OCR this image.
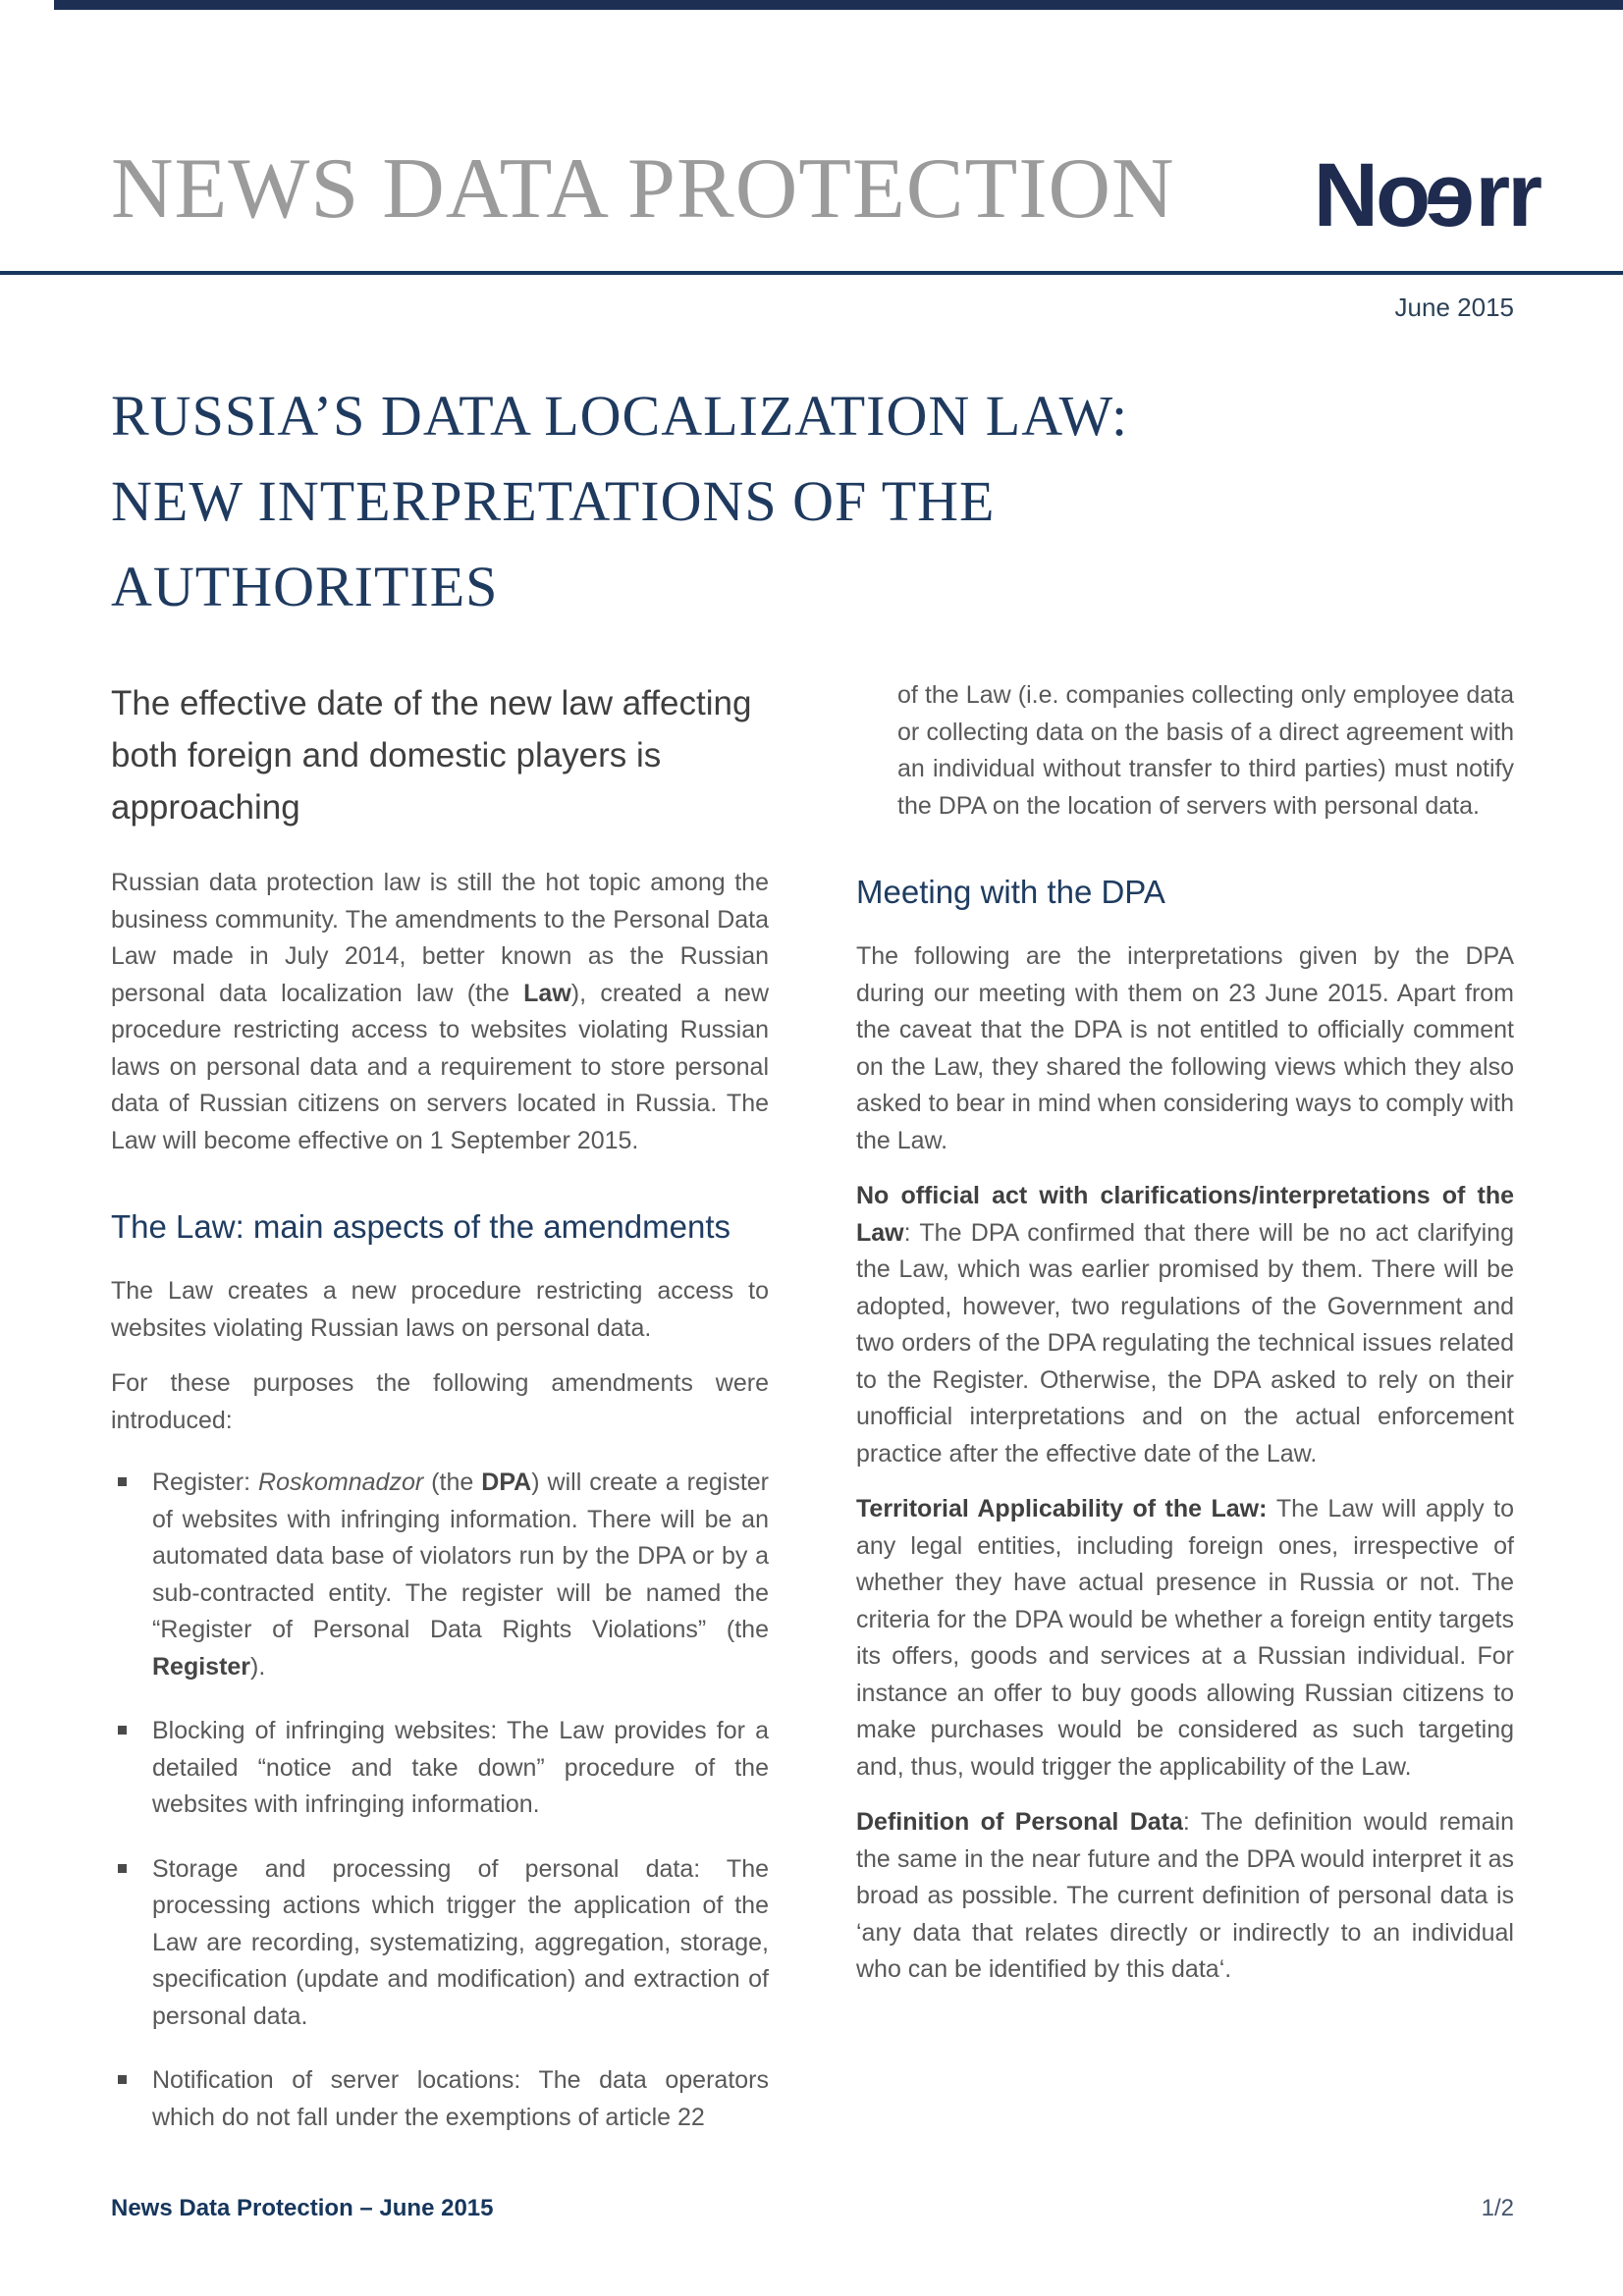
NEWS DATA PROTECTION Noerr
June 2015
RUSSIA’S DATA LOCALIZATION LAW:
NEW INTERPRETATIONS OF THE
AUTHORITIES
The effective date of the new law affecting both foreign and domestic players is approaching

Russian data protection law is still the hot topic among the business community. The amendments to the Personal Data Law made in July 2014, better known as the Russian personal data localization law (the Law), created a new procedure restricting access to websites violating Russian laws on personal data and a requirement to store personal data of Russian citizens on servers located in Russia. The Law will become effective on 1 September 2015.

The Law: main aspects of the amendments

The Law creates a new procedure restricting access to websites violating Russian laws on personal data.

For these purposes the following amendments were introduced:

Register: Roskomnadzor (the DPA) will create a register of websites with infringing information. There will be an automated data base of violators run by the DPA or by a sub-contracted entity. The register will be named the “Register of Personal Data Rights Violations” (the Register).
Blocking of infringing websites: The Law provides for a detailed “notice and take down” procedure of the websites with infringing information.
Storage and processing of personal data: The processing actions which trigger the application of the Law are recording, systematizing, aggregation, storage, specification (update and modification) and extraction of personal data.
Notification of server locations: The data operators which do not fall under the exemptions of article 22

of the Law (i.e. companies collecting only employee data or collecting data on the basis of a direct agreement with an individual without transfer to third parties) must notify the DPA on the location of servers with personal data.

Meeting with the DPA

The following are the interpretations given by the DPA during our meeting with them on 23 June 2015. Apart from the caveat that the DPA is not entitled to officially comment on the Law, they shared the following views which they also asked to bear in mind when considering ways to comply with the Law.

No official act with clarifications/interpretations of the Law: The DPA confirmed that there will be no act clarifying the Law, which was earlier promised by them. There will be adopted, however, two regulations of the Government and two orders of the DPA regulating the technical issues related to the Register. Otherwise, the DPA asked to rely on their unofficial interpretations and on the actual enforcement practice after the effective date of the Law.

Territorial Applicability of the Law: The Law will apply to any legal entities, including foreign ones, irrespective of whether they have actual presence in Russia or not. The criteria for the DPA would be whether a foreign entity targets its offers, goods and services at a Russian individual. For instance an offer to buy goods allowing Russian citizens to make purchases would be considered as such targeting and, thus, would trigger the applicability of the Law.

Definition of Personal Data: The definition would remain the same in the near future and the DPA would interpret it as broad as possible. The current definition of personal data is ‘any data that relates directly or indirectly to an individual who can be identified by this data‘.

News Data Protection – June 2015	1/2
